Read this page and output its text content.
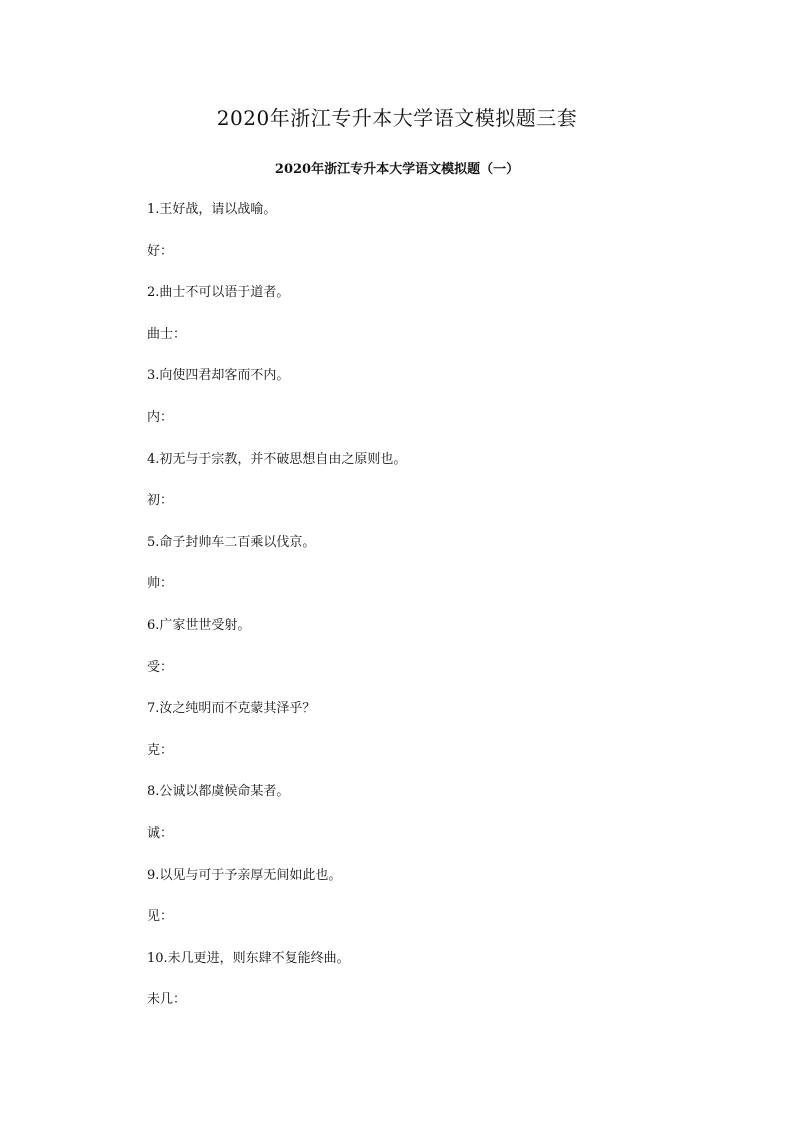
2020年浙江专升本大学语文模拟题三套
2020年浙江专升本大学语文模拟题（一）
1.王好战，请以战喻。
好：
2.曲士不可以语于道者。
曲士：
3.向使四君却客而不内。
内：
4.初无与于宗教，并不破思想自由之原则也。
初：
5.命子封帅车二百乘以伐京。
帅：
6.广家世世受射。
受：
7.汝之纯明而不克蒙其泽乎？
克：
8.公诚以都虞候命某者。
诚：
9.以见与可于予亲厚无间如此也。
见：
10.未几更进，则东肆不复能终曲。
未几：
